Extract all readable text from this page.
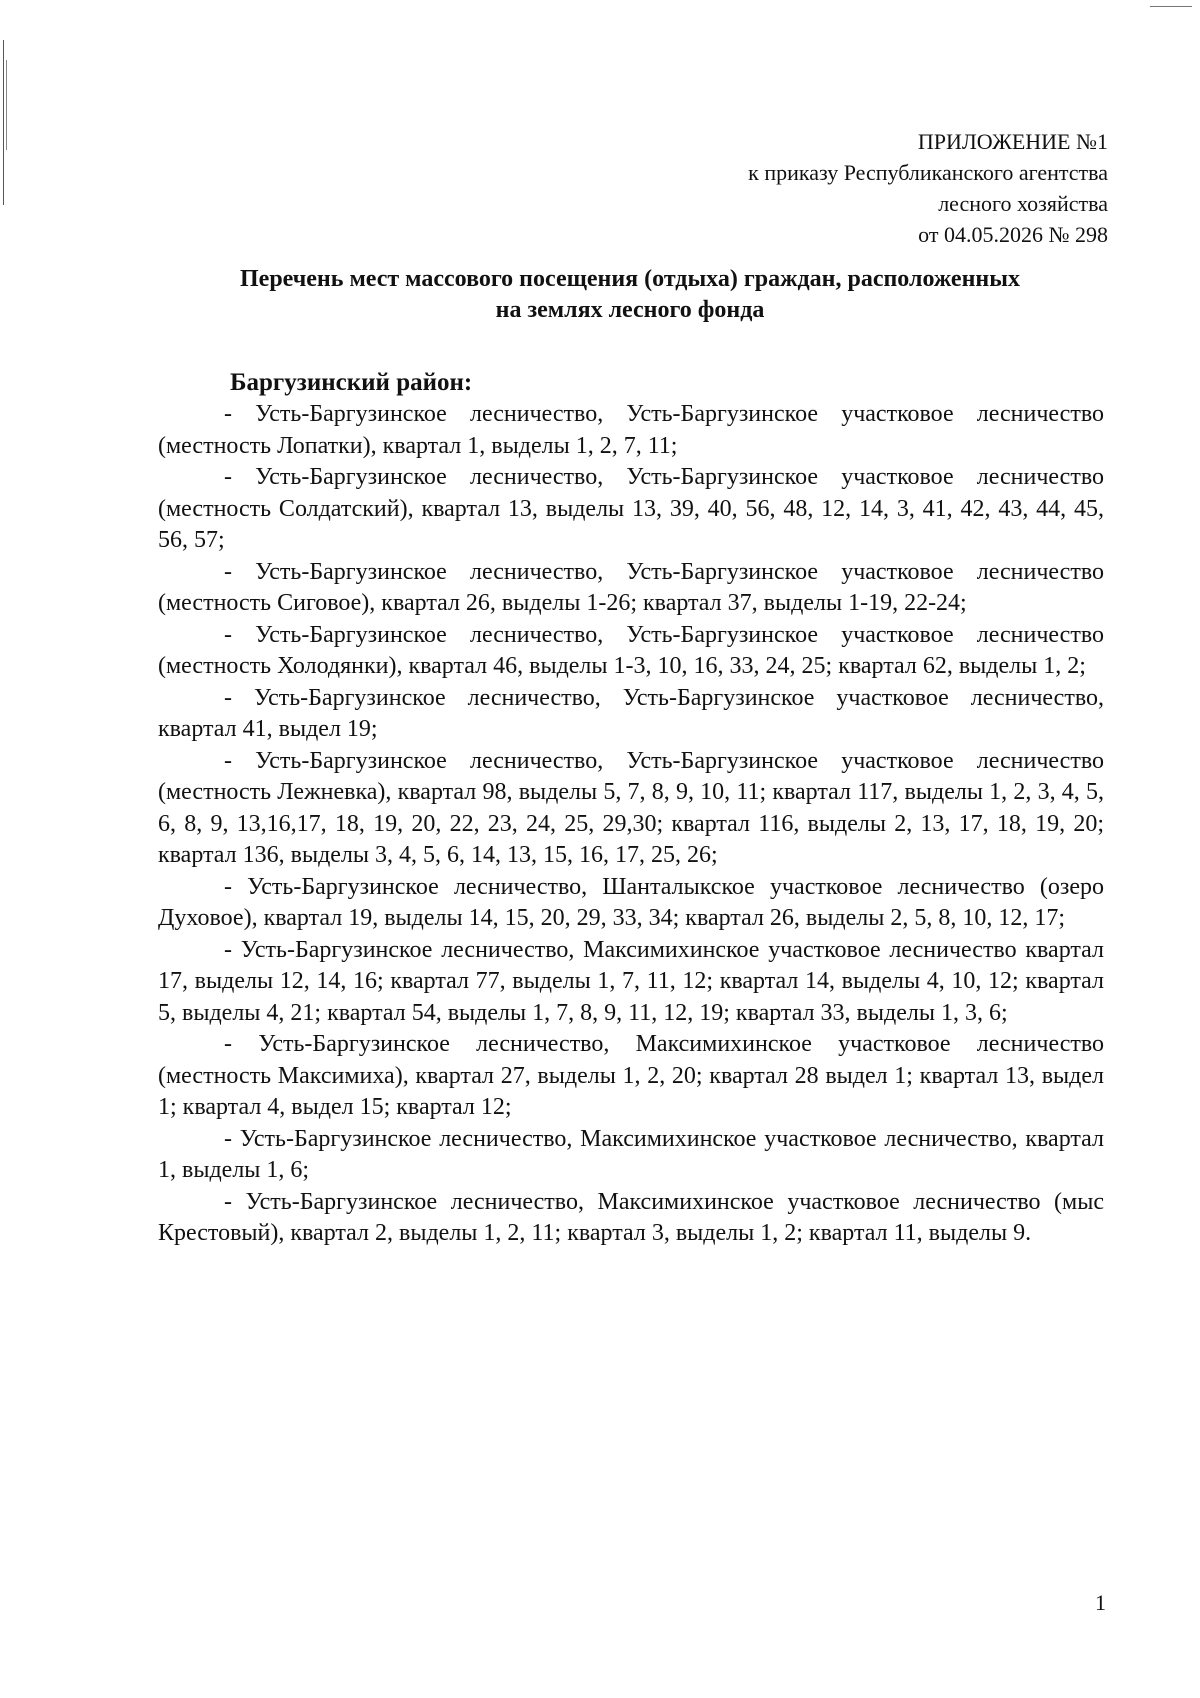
ПРИЛОЖЕНИЕ №1
к приказу Республиканского агентства
лесного хозяйства
от 04.05.2026 № 298
Перечень мест массового посещения (отдыха) граждан, расположенных
на землях лесного фонда
Баргузинский район:

- Усть-Баргузинское лесничество, Усть-Баргузинское участковое лесничество (местность Лопатки), квартал 1, выделы 1, 2, 7, 11;

- Усть-Баргузинское лесничество, Усть-Баргузинское участковое лесничество (местность Солдатский), квартал 13, выделы 13, 39, 40, 56, 48, 12, 14, 3, 41, 42, 43, 44, 45, 56, 57;

- Усть-Баргузинское лесничество, Усть-Баргузинское участковое лесничество (местность Сиговое), квартал 26, выделы 1-26; квартал 37, выделы 1-19, 22-24;

- Усть-Баргузинское лесничество, Усть-Баргузинское участковое лесничество (местность Холодянки), квартал 46, выделы 1-3, 10, 16, 33, 24, 25; квартал 62, выделы 1, 2;

- Усть-Баргузинское лесничество, Усть-Баргузинское участковое лесничество, квартал 41, выдел 19;

- Усть-Баргузинское лесничество, Усть-Баргузинское участковое лесничество (местность Лежневка), квартал 98, выделы 5, 7, 8, 9, 10, 11; квартал 117, выделы 1, 2, 3, 4, 5, 6, 8, 9, 13,16,17, 18, 19, 20, 22, 23, 24, 25, 29,30; квартал 116, выделы 2, 13, 17, 18, 19, 20; квартал 136, выделы 3, 4, 5, 6, 14, 13, 15, 16, 17, 25, 26;

- Усть-Баргузинское лесничество, Шанталыкское участковое лесничество (озеро Духовое), квартал 19, выделы 14, 15, 20, 29, 33, 34; квартал 26, выделы 2, 5, 8, 10, 12, 17;

- Усть-Баргузинское лесничество, Максимихинское участковое лесничество квартал 17, выделы 12, 14, 16; квартал 77, выделы 1, 7, 11, 12; квартал 14, выделы 4, 10, 12; квартал 5, выделы 4, 21; квартал 54, выделы 1, 7, 8, 9, 11, 12, 19; квартал 33, выделы 1, 3, 6;

- Усть-Баргузинское лесничество, Максимихинское участковое лесничество (местность Максимиха), квартал 27, выделы 1, 2, 20; квартал 28 выдел 1; квартал 13, выдел 1; квартал 4, выдел 15; квартал 12;

- Усть-Баргузинское лесничество, Максимихинское участковое лесничество, квартал 1, выделы 1, 6;

- Усть-Баргузинское лесничество, Максимихинское участковое лесничество (мыс Крестовый), квартал 2, выделы 1, 2, 11; квартал 3, выделы 1, 2; квартал 11, выделы 9.

1
